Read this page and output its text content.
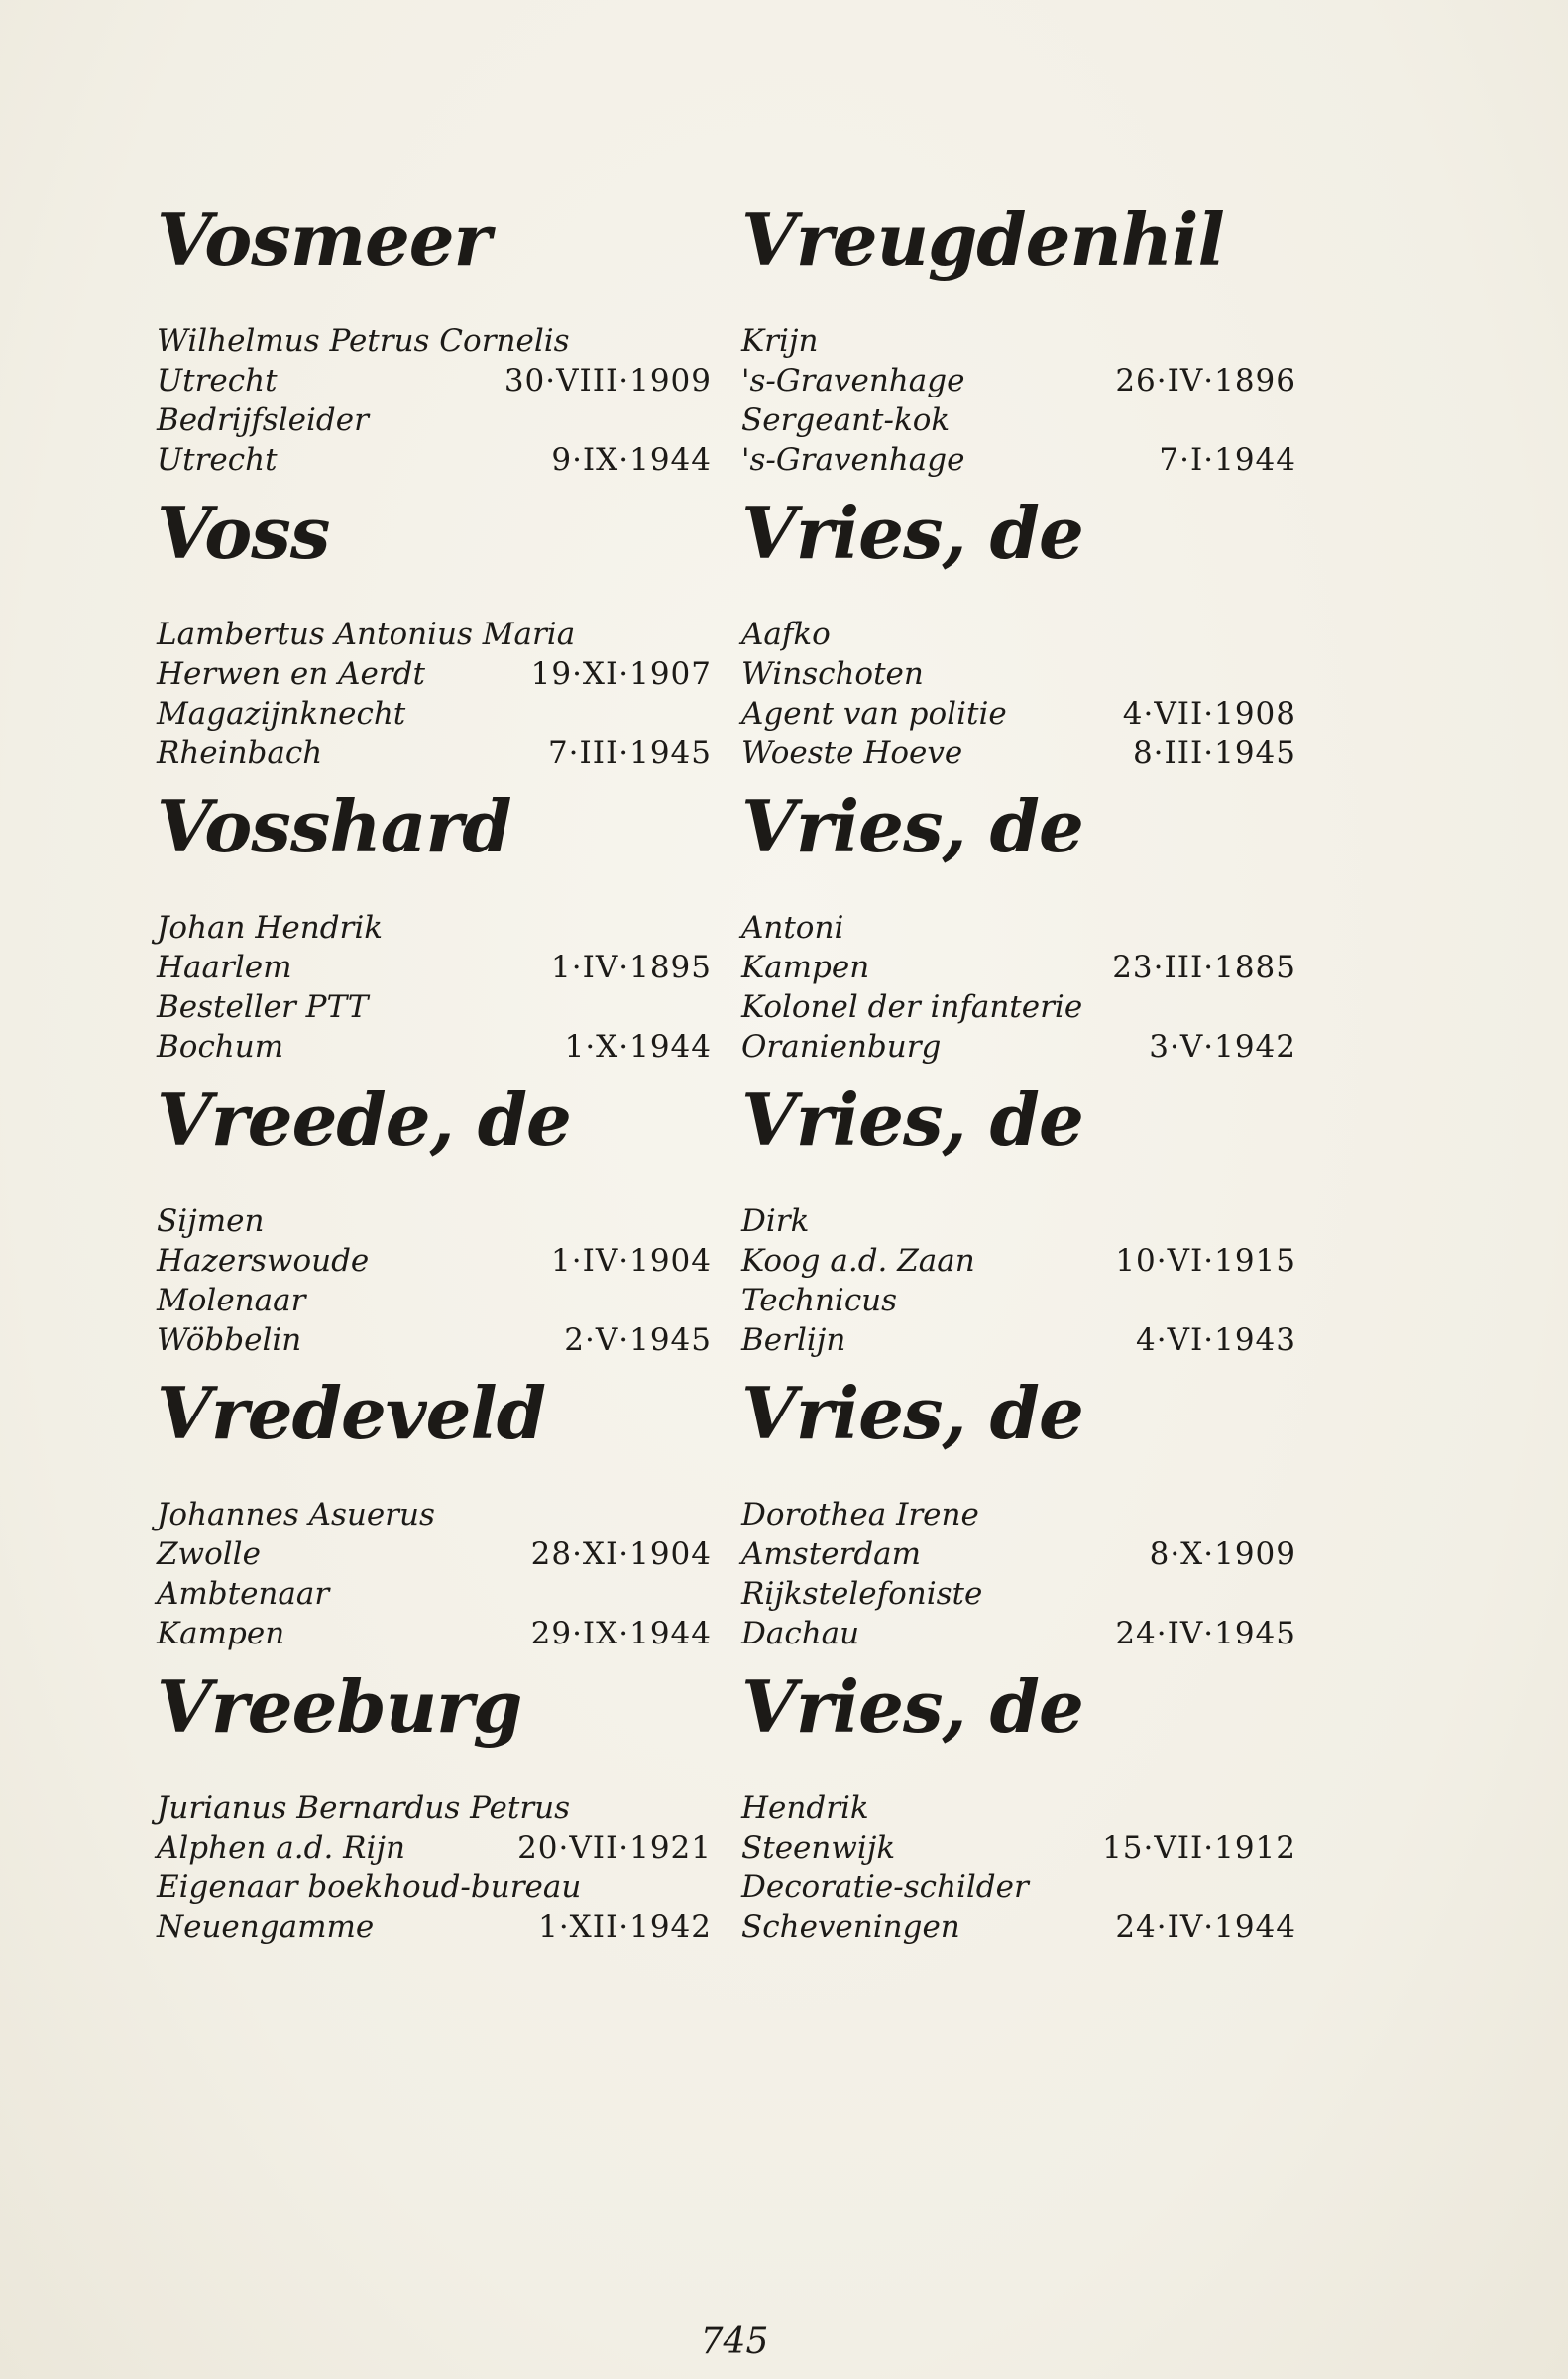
Vosmeer
Wilhelmus Petrus Cornelis
Utrecht	30·VIII·1909
Bedrijfsleider
Utrecht	9·IX·1944
Voss
Lambertus Antonius Maria
Herwen en Aerdt	19·XI·1907
Magazijnknecht
Rheinbach	7·III·1945
Vosshard
Johan Hendrik
Haarlem	1·IV·1895
Besteller PTT
Bochum	1·X·1944
Vreede, de
Sijmen
Hazerswoude	1·IV·1904
Molenaar
Wöbbelin	2·V·1945
Vredeveld
Johannes Asuerus
Zwolle	28·XI·1904
Ambtenaar
Kampen	29·IX·1944
Vreeburg
Jurianus Bernardus Petrus
Alphen a.d. Rijn	20·VII·1921
Eigenaar boekhoud-bureau
Neuengamme	1·XII·1942
Vreugdenhil
Krijn
's-Gravenhage	26·IV·1896
Sergeant-kok
's-Gravenhage	7·I·1944
Vries, de
Aafko
Winschoten
Agent van politie	4·VII·1908
Woeste Hoeve	8·III·1945
Vries, de
Antoni
Kampen	23·III·1885
Kolonel der infanterie
Oranienburg	3·V·1942
Vries, de
Dirk
Koog a.d. Zaan	10·VI·1915
Technicus
Berlijn	4·VI·1943
Vries, de
Dorothea Irene
Amsterdam	8·X·1909
Rijkstelefoniste
Dachau	24·IV·1945
Vries, de
Hendrik
Steenwijk	15·VII·1912
Decoratie-schilder
Scheveningen	24·IV·1944
745
